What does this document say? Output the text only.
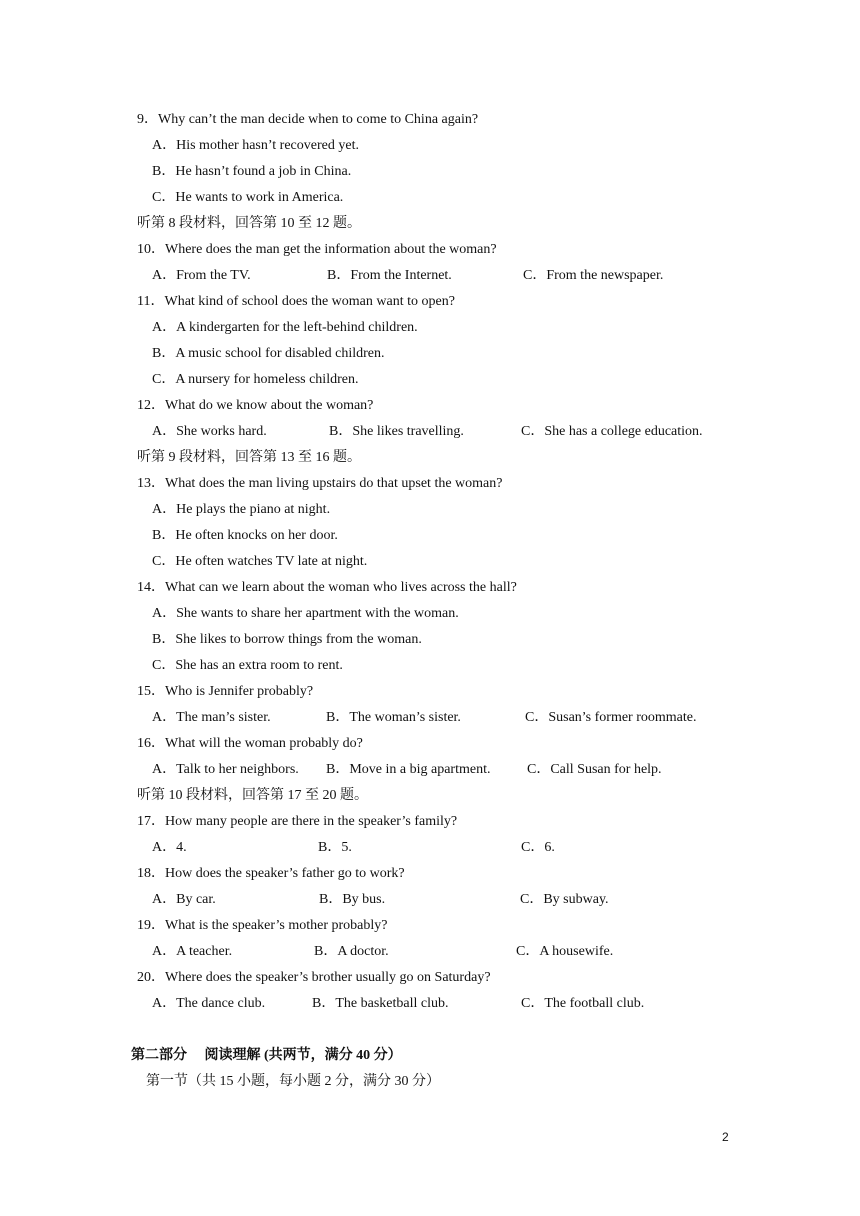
9．Why can’t the man decide when to come to China again?
A．His mother hasn’t recovered yet.
B．He hasn’t found a job in China.
C．He wants to work in America.
听第 8 段材料，回答第 10 至 12 题。
10．Where does the man get the information about the woman?
A．From the TV.	B．From the Internet.	C．From the newspaper.
11．What kind of school does the woman want to open?
A．A kindergarten for the left-behind children.
B．A music school for disabled children.
C．A nursery for homeless children.
12．What do we know about the woman?
A．She works hard.	B．She likes travelling.	C．She has a college education.
听第 9 段材料，回答第 13 至 16 题。
13．What does the man living upstairs do that upset the woman?
A．He plays the piano at night.
B．He often knocks on her door.
C．He often watches TV late at night.
14．What can we learn about the woman who lives across the hall?
A．She wants to share her apartment with the woman.
B．She likes to borrow things from the woman.
C．She has an extra room to rent.
15．Who is Jennifer probably?
A．The man’s sister.	B．The woman’s sister.	C．Susan’s former roommate.
16．What will the woman probably do?
A．Talk to her neighbors. B．Move in a big apartment.	C．Call Susan for help.
听第 10 段材料，回答第 17 至 20 题。
17．How many people are there in the speaker’s family?
A．4.	B．5.	C．6.
18．How does the speaker’s father go to work?
A．By car.	B．By bus.	C．By subway.
19．What is the speaker’s mother probably?
A．A teacher.	B．A doctor.	C．A housewife.
20．Where does the speaker’s brother usually go on Saturday?
A．The dance club.	B．The basketball club.	C．The football club.
第二部分　 阅读理解 (共两节，满分 40 分）
第一节（共 15 小题，每小题 2 分，满分 30 分）
2
